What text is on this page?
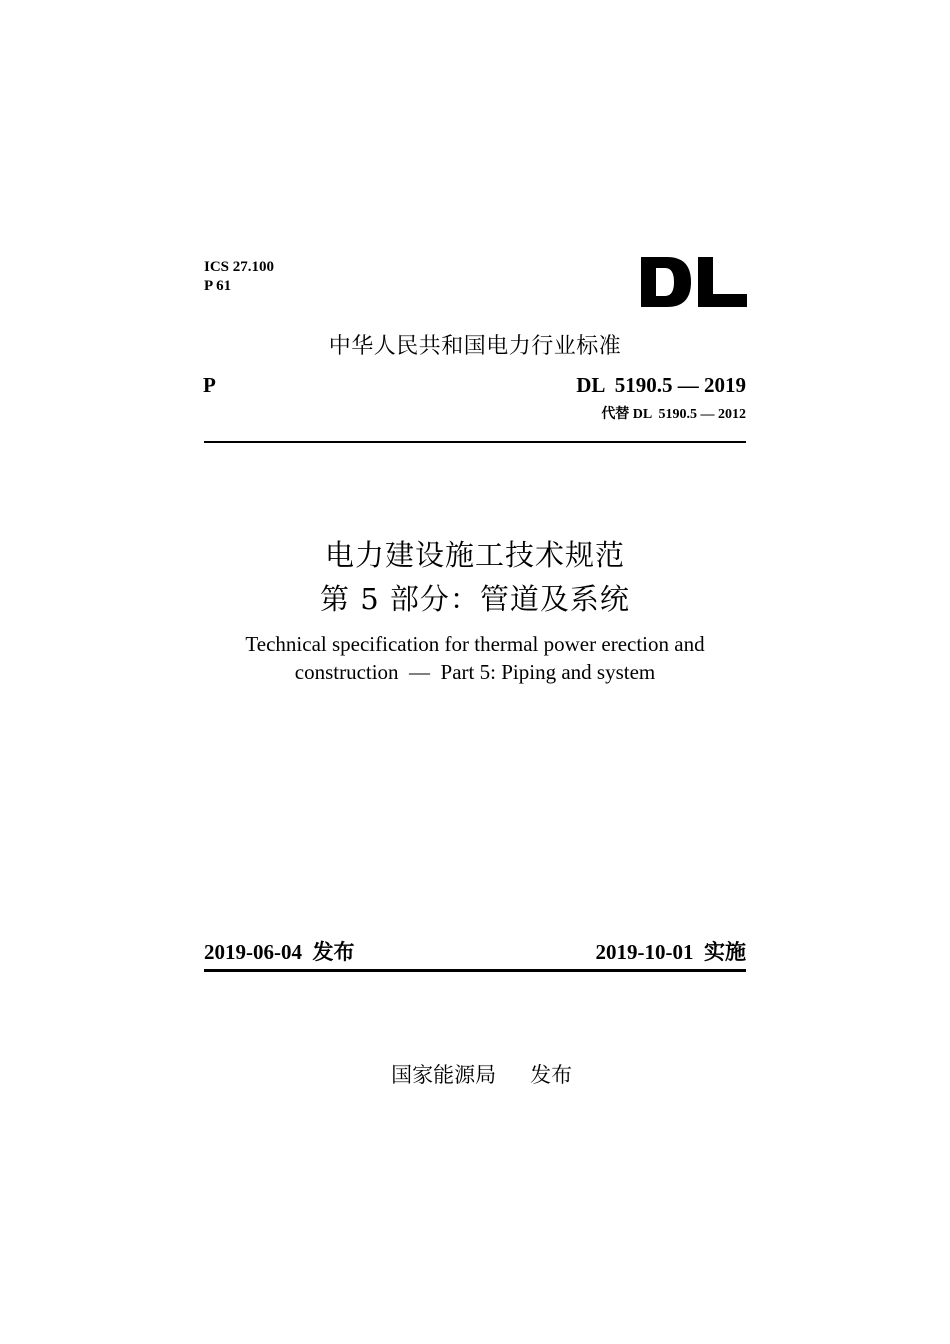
ICS 27.100
P 61
中华人民共和国电力行业标准
P	DL  5190.5 — 2019
代替 DL  5190.5 — 2012
电力建设施工技术规范
第 5 部分：管道及系统
Technical specification for thermal power erection and
construction  —  Part 5: Piping and system
2019-06-04  发布	2019-10-01  实施

国家能源局 发布
